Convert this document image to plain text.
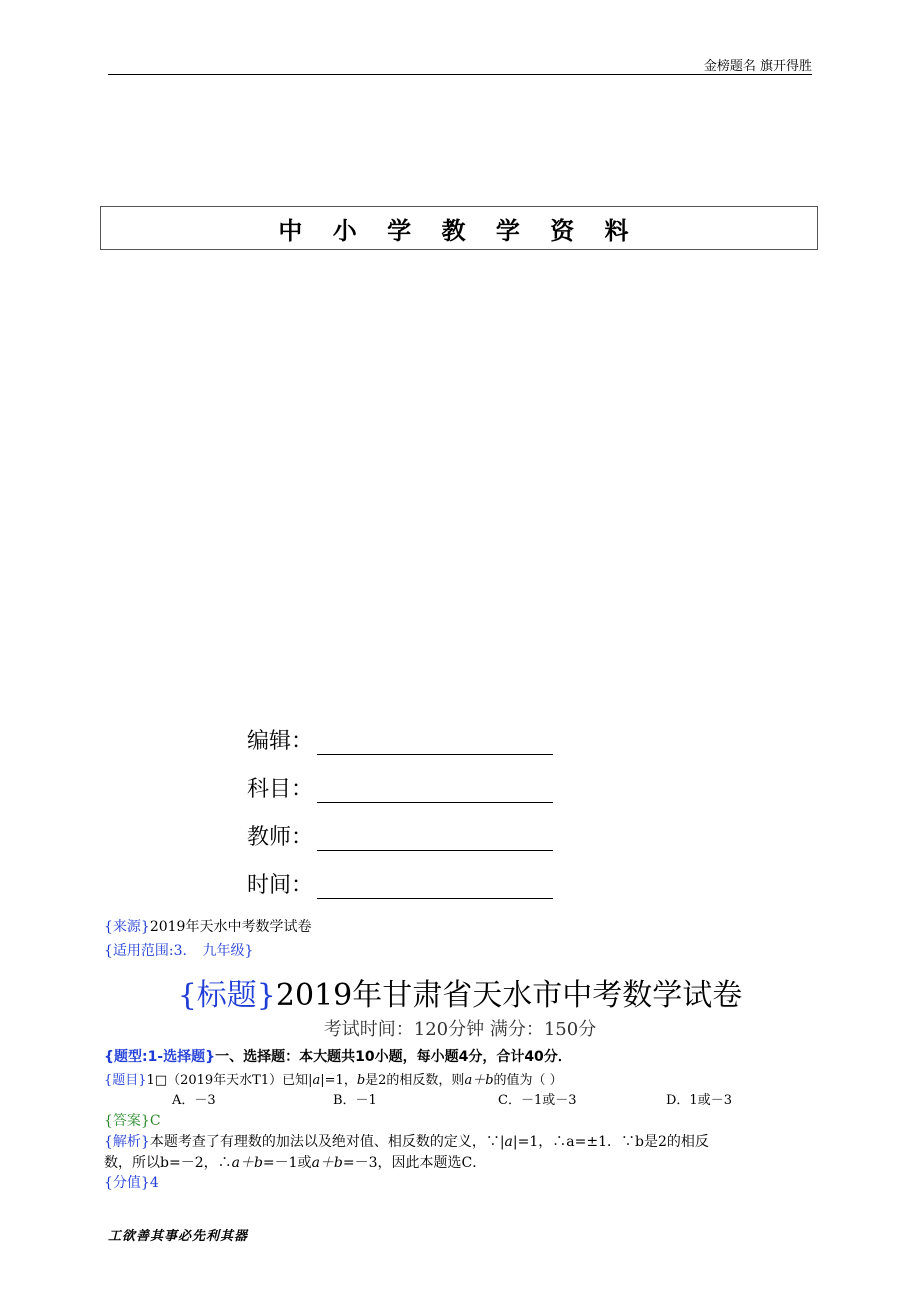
金榜题名 旗开得胜
中 小 学 教 学 资 料
编辑：
科目：
教师：
时间：
{来源}2019年天水中考数学试卷
{适用范围:3． 九年级}
{标题}2019年甘肃省天水市中考数学试卷
考试时间：120分钟 满分：150分
{题型:1-选择题}一、选择题：本大题共10小题，每小题4分，合计40分．
{题目}1□（2019年天水T1）已知|a|=1，b是2的相反数，则a＋b的值为（ ）
A．－3	B．－1	C．－1或－3	D．1或－3
{答案}C
{解析}本题考查了有理数的加法以及绝对值、相反数的定义，∵|a|=1，∴a=±1．∵b是2的相反
数，所以b=－2，∴a＋b=－1或a＋b=－3，因此本题选C．
{分值}4
工欲善其事必先利其器
